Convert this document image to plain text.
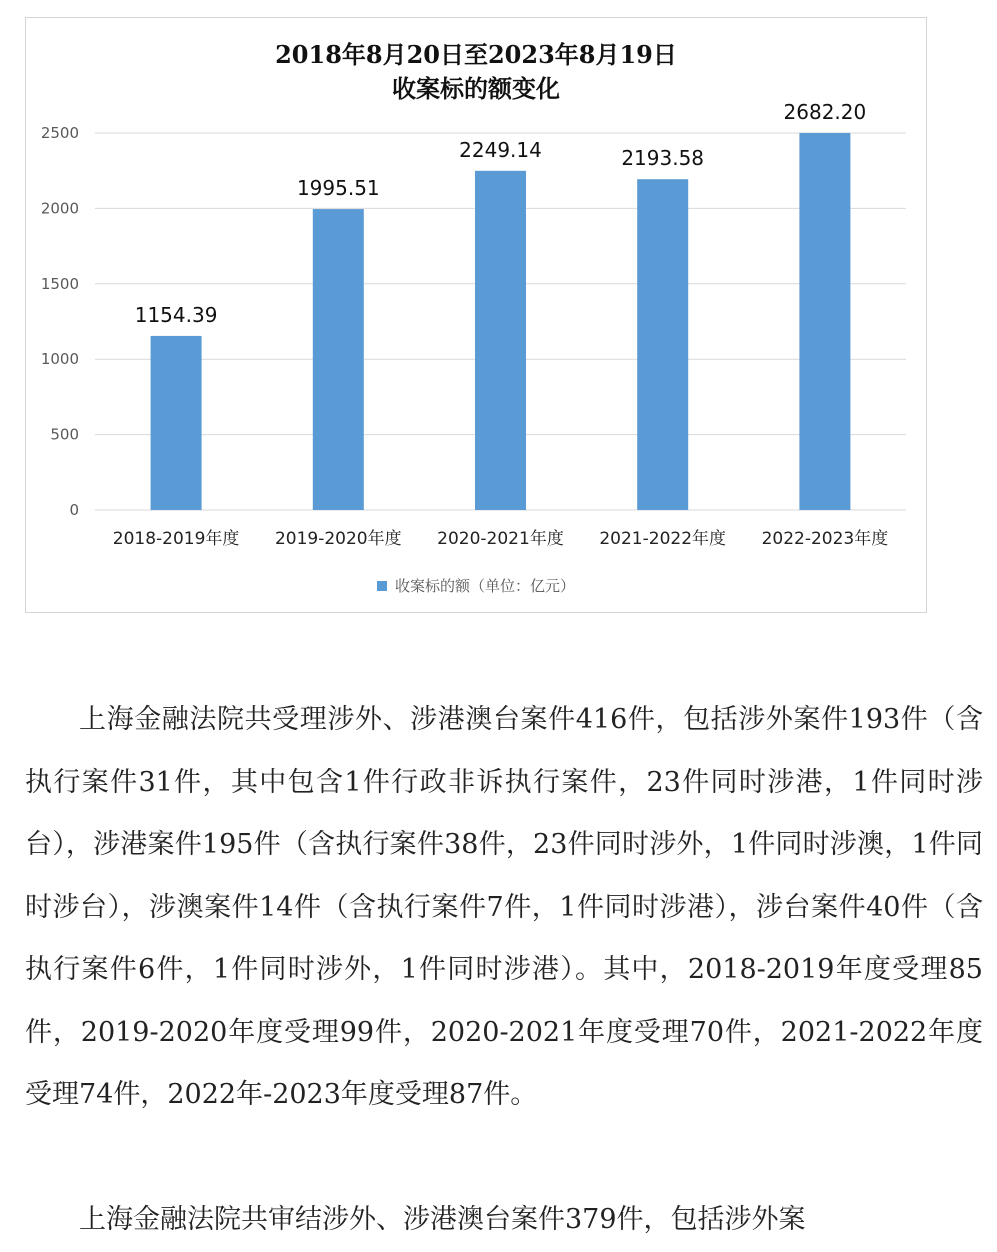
2018年8月20日至2023年8月19日
收案标的额变化
0
500
1000
1500
2000
2500
1154.39
2018-2019年度
1995.51
2019-2020年度
2249.14
2020-2021年度
2193.58
2021-2022年度
2682.20
2022-2023年度
收案标的额（单位：亿元）

上海金融法院共受理涉外、涉港澳台案件416件，包括涉外案件193件（含执行案件31件，其中包含1件行政非诉执行案件，23件同时涉港，1件同时涉台），涉港案件195件（含执行案件38件，23件同时涉外，1件同时涉澳，1件同时涉台），涉澳案件14件（含执行案件7件，1件同时涉港），涉台案件40件（含执行案件6件，1件同时涉外，1件同时涉港）。其中，2018-2019年度受理85件，2019-2020年度受理99件，2020-2021年度受理70件，2021-2022年度受理74件，2022年-2023年度受理87件。

上海金融法院共审结涉外、涉港澳台案件379件，包括涉外案
